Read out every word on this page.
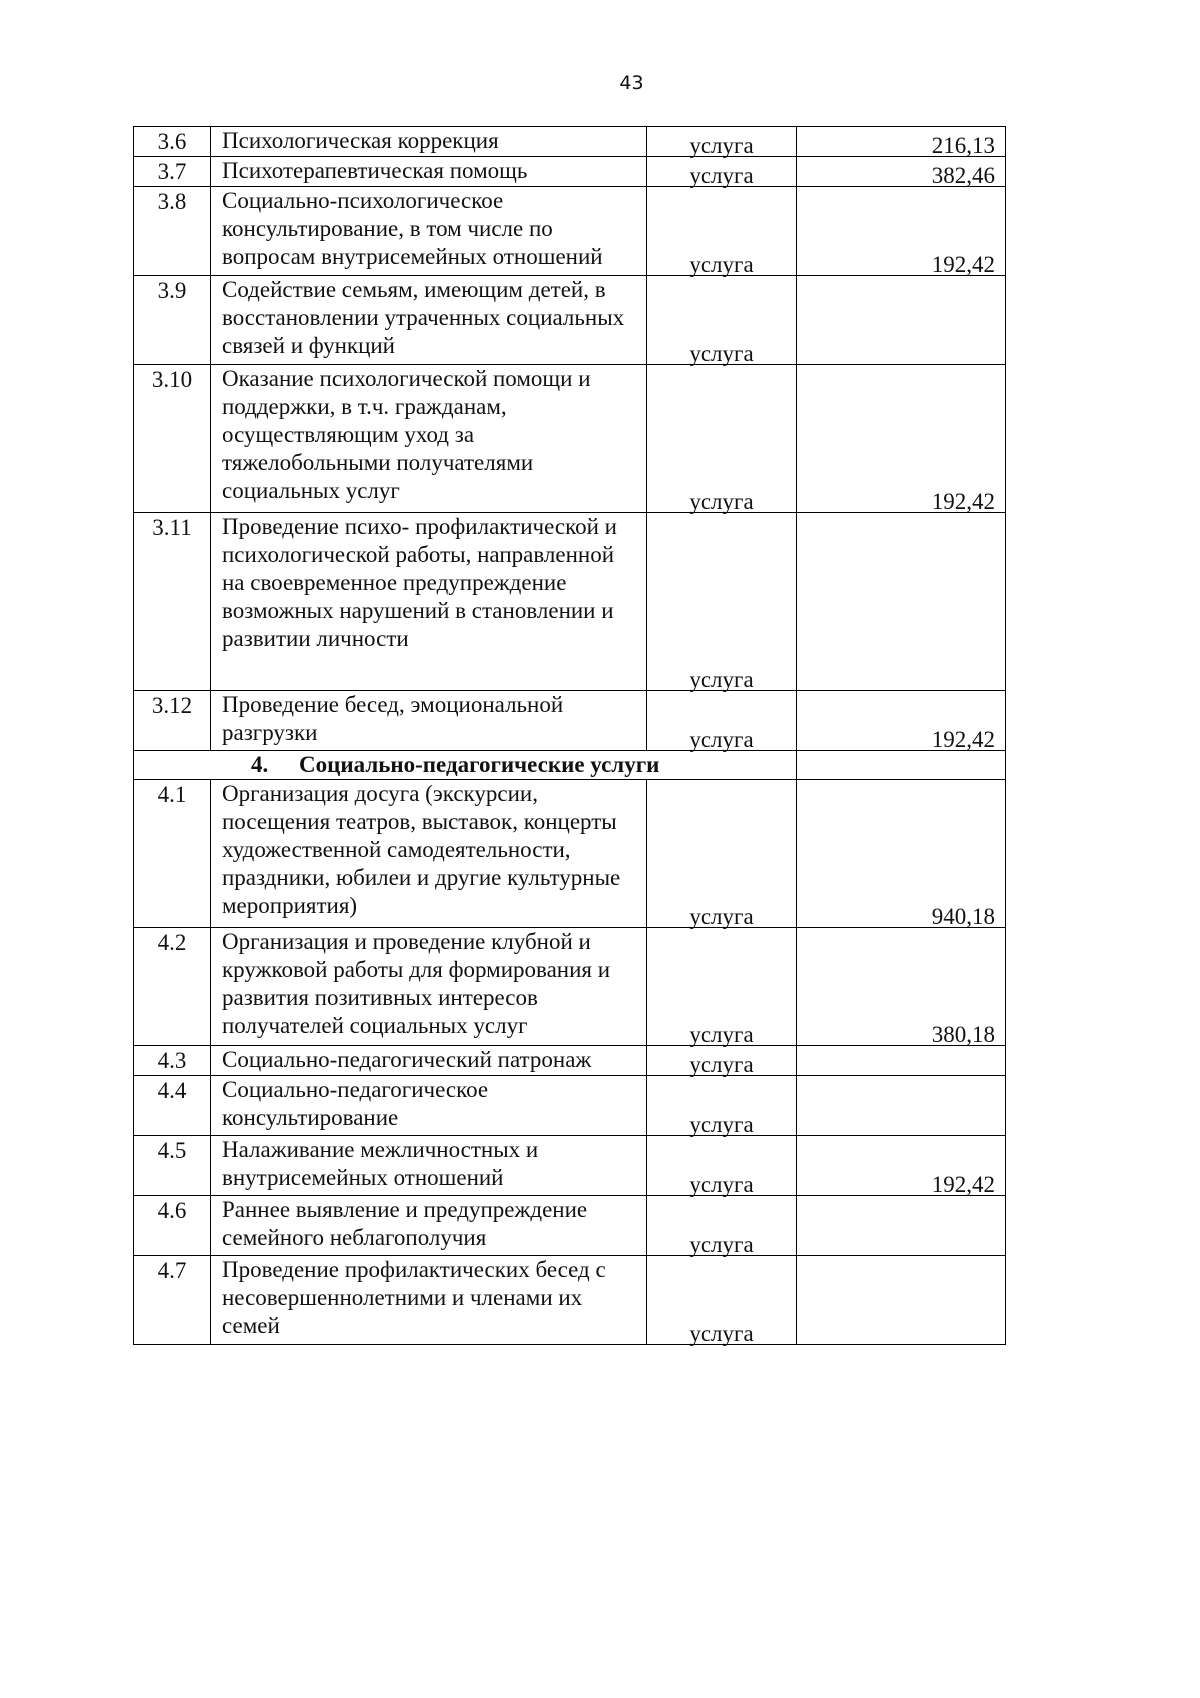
43
3.6	Психологическая коррекция	услуга	216,13

3.7	Психотерапевтическая помощь	услуга	382,46

3.8	Социально-психологическое консультирование, в том числе по вопросам внутрисемейных отношений	услуга	192,42

3.9	Содействие семьям, имеющим детей, в восстановлении утраченных социальных связей и функций	услуга	

3.10	Оказание психологической помощи и поддержки, в т.ч. гражданам, осуществляющим уход за тяжелобольными получателями социальных услуг	услуга	192,42

3.11	Проведение психо- профилактической и психологической работы, направленной на своевременное предупреждение возможных нарушений в становлении и развитии личности	услуга	

3.12	Проведение бесед, эмоциональной разгрузки	услуга	192,42

4. Социально-педагогические услуги			
4.1	Организация досуга (экскурсии, посещения театров, выставок, концерты художественной самодеятельности, праздники, юбилеи и другие культурные мероприятия)	услуга	940,18

4.2	Организация и проведение клубной и кружковой работы для формирования и развития позитивных интересов получателей социальных услуг	услуга	380,18

4.3	Социально-педагогический патронаж	услуга	

4.4	Социально-педагогическое консультирование	услуга	

4.5	Налаживание межличностных и внутрисемейных отношений	услуга	192,42

4.6	Раннее выявление и предупреждение семейного неблагополучия	услуга	

4.7	Проведение профилактических бесед с несовершеннолетними и членами их семей	услуга	
